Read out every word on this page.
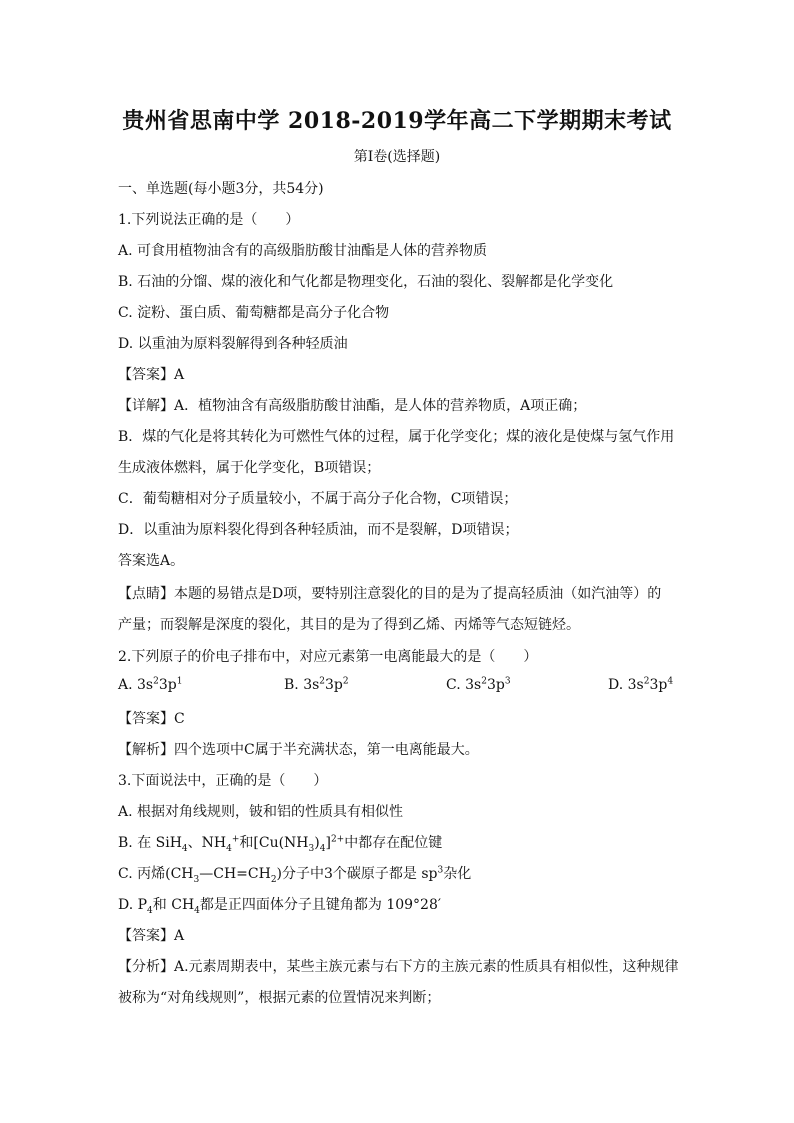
贵州省思南中学 2018-2019学年高二下学期期末考试
第I卷(选择题)
一、单选题(每小题3分，共54分)
1.下列说法正确的是（　　）
A. 可食用植物油含有的高级脂肪酸甘油酯是人体的营养物质
B. 石油的分馏、煤的液化和气化都是物理变化，石油的裂化、裂解都是化学变化
C. 淀粉、蛋白质、葡萄糖都是高分子化合物
D. 以重油为原料裂解得到各种轻质油
【答案】A
【详解】A．植物油含有高级脂肪酸甘油酯，是人体的营养物质，A项正确；
B．煤的气化是将其转化为可燃性气体的过程，属于化学变化；煤的液化是使煤与氢气作用
生成液体燃料，属于化学变化，B项错误；
C．葡萄糖相对分子质量较小，不属于高分子化合物，C项错误；
D．以重油为原料裂化得到各种轻质油，而不是裂解，D项错误；
答案选A。
【点睛】本题的易错点是D项，要特别注意裂化的目的是为了提高轻质油（如汽油等）的
产量；而裂解是深度的裂化，其目的是为了得到乙烯、丙烯等气态短链烃。
2.下列原子的价电子排布中，对应元素第一电离能最大的是（　　）
A. $3s^23p^1$	B. $3s^23p^2$	C. $3s^23p^3$	D. $3s^23p^4$
【答案】C
【解析】四个选项中C属于半充满状态，第一电离能最大。
3.下面说法中，正确的是（　　）
A. 根据对角线规则，铍和铝的性质具有相似性
B. 在 SiH$_4$、$NH_4^+$和$[Cu(NH_3)_4]^{2+}$中都存在配位键
C. 丙烯$(CH_3—CH=CH_2)$分子中3个碳原子都是 $sp^3$杂化
D. $P_4$和 $CH_4$都是正四面体分子且键角都为 109°28′
【答案】A
【分析】A.元素周期表中，某些主族元素与右下方的主族元素的性质具有相似性，这种规律
被称为“对角线规则”，根据元素的位置情况来判断；
